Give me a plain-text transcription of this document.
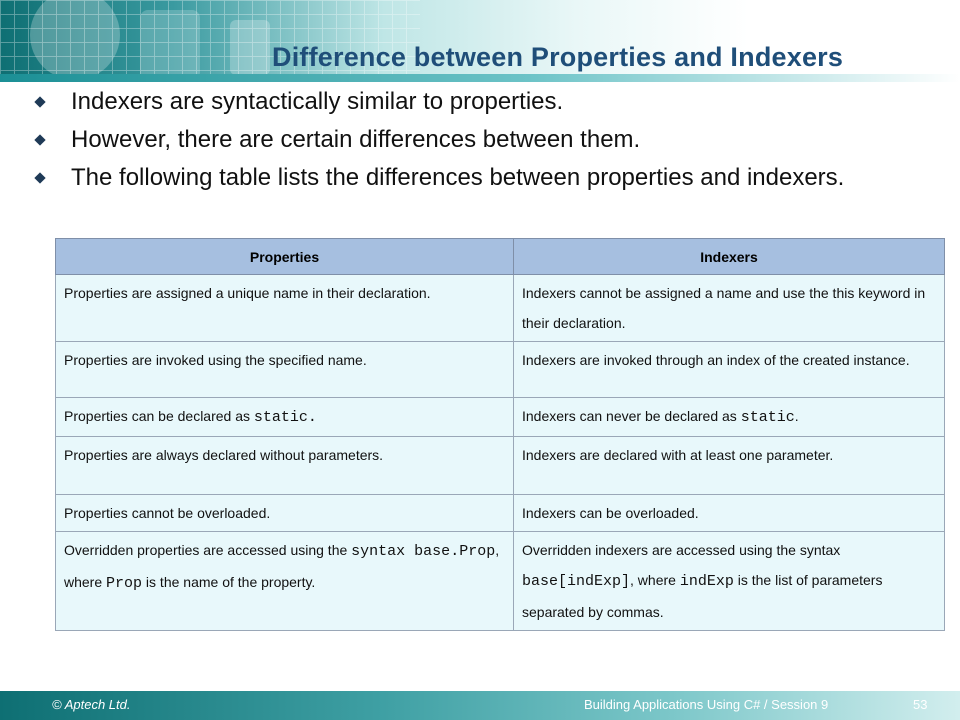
Difference between Properties and Indexers
Indexers are syntactically similar to properties.
However, there are certain differences between them.
The following table lists the differences between properties and indexers.
Properties	Indexers
Properties are assigned a unique name in their declaration.	Indexers cannot be assigned a name and use the this keyword in their declaration.
Properties are invoked using the specified name.	Indexers are invoked through an index of the created instance.
Properties can be declared as static.	Indexers can never be declared as static.
Properties are always declared without parameters.	Indexers are declared with at least one parameter.
Properties cannot be overloaded.	Indexers can be overloaded.
Overridden properties are accessed using the syntax base.Prop, where Prop is the name of the property.	Overridden indexers are accessed using the syntax base[indExp], where indExp is the list of parameters separated by commas.
© Aptech Ltd.	Building Applications Using C# / Session 9	53
